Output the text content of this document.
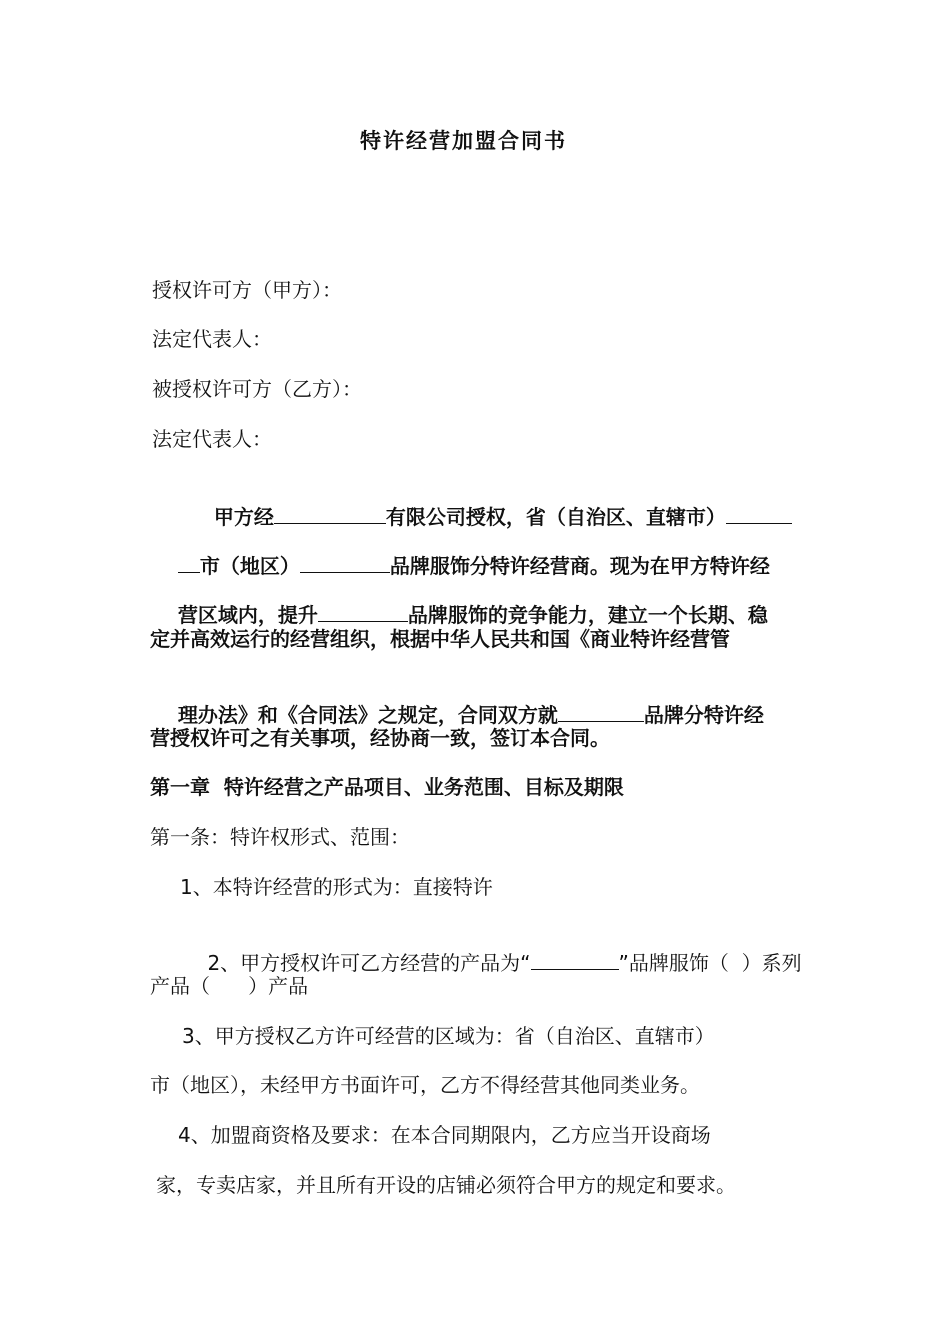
特许经营加盟合同书
授权许可方（甲方）：
法定代表人：
被授权许可方（乙方）：
法定代表人：

甲方经	有限公司授权，省（自治区、直辖市）

市（地区）	品牌服饰分特许经营商。现为在甲方特许经

营区域内，提升	品牌服饰的竞争能力，建立一个长期、稳

定并高效运行的经营组织，根据中华人民共和国《商业特许经营管

理办法》和《合同法》之规定，合同双方就	品牌分特许经

营授权许可之有关事项，经协商一致，签订本合同。
第一章  特许经营之产品项目、业务范围、目标及期限
第一条：特许权形式、范围：
1、本特许经营的形式为：直接特许

2、甲方授权许可乙方经营的产品为“	”品牌服饰（  ）系列

产品（      ）产品
3、甲方授权乙方许可经营的区域为：省（自治区、直辖市）
市（地区），未经甲方书面许可，乙方不得经营其他同类业务。
4、加盟商资格及要求：在本合同期限内，乙方应当开设商场
家，专卖店家，并且所有开设的店铺必须符合甲方的规定和要求。
